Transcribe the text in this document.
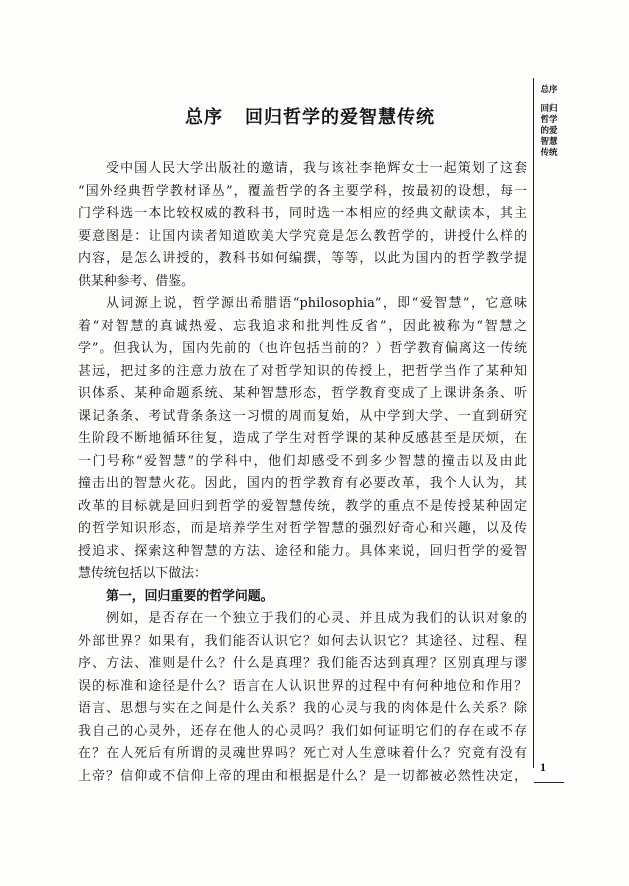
总序
回归哲学的爱智慧传统
1
总序 回归哲学的爱智慧传统
受中国人民大学出版社的邀请，我与该社李艳辉女士一起策划了这套
“国外经典哲学教材译丛”，覆盖哲学的各主要学科，按最初的设想，每一
门学科选一本比较权威的教科书，同时选一本相应的经典文献读本，其主
要意图是：让国内读者知道欧美大学究竟是怎么教哲学的，讲授什么样的
内容，是怎么讲授的，教科书如何编撰，等等，以此为国内的哲学教学提
供某种参考、借鉴。
从词源上说，哲学源出希腊语“philosophia”，即“爱智慧”，它意味
着“对智慧的真诚热爱、忘我追求和批判性反省”，因此被称为“智慧之
学”。但我认为，国内先前的（也许包括当前的？）哲学教育偏离这一传统
甚远，把过多的注意力放在了对哲学知识的传授上，把哲学当作了某种知
识体系、某种命题系统、某种智慧形态，哲学教育变成了上课讲条条、听
课记条条、考试背条条这一习惯的周而复始，从中学到大学、一直到研究
生阶段不断地循环往复，造成了学生对哲学课的某种反感甚至是厌烦，在
一门号称“爱智慧”的学科中，他们却感受不到多少智慧的撞击以及由此
撞击出的智慧火花。因此，国内的哲学教育有必要改革，我个人认为，其
改革的目标就是回归到哲学的爱智慧传统，教学的重点不是传授某种固定
的哲学知识形态，而是培养学生对哲学智慧的强烈好奇心和兴趣，以及传
授追求、探索这种智慧的方法、途径和能力。具体来说，回归哲学的爱智
慧传统包括以下做法：
第一，回归重要的哲学问题。
例如，是否存在一个独立于我们的心灵、并且成为我们的认识对象的
外部世界？如果有，我们能否认识它？如何去认识它？其途径、过程、程
序、方法、准则是什么？什么是真理？我们能否达到真理？区别真理与谬
误的标准和途径是什么？语言在人认识世界的过程中有何种地位和作用？
语言、思想与实在之间是什么关系？我的心灵与我的肉体是什么关系？除
我自己的心灵外，还存在他人的心灵吗？我们如何证明它们的存在或不存
在？在人死后有所谓的灵魂世界吗？死亡对人生意味着什么？究竟有没有
上帝？信仰或不信仰上帝的理由和根据是什么？是一切都被必然性决定，
